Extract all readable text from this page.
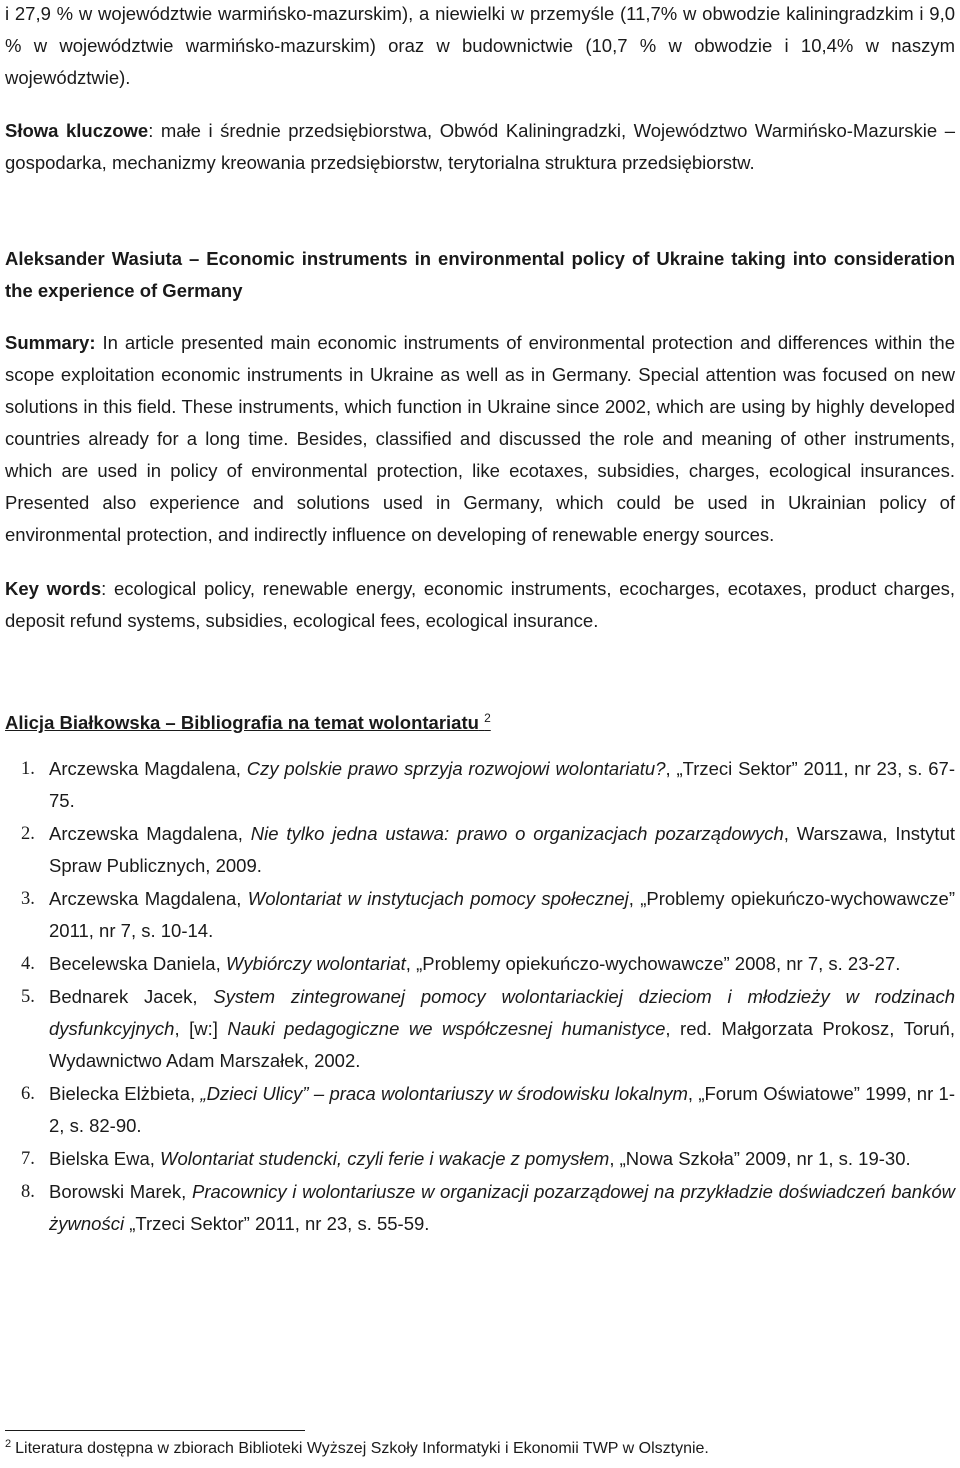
i 27,9 % w województwie warmińsko-mazurskim), a niewielki w przemyśle (11,7% w obwodzie kaliningradzkim i 9,0 % w województwie warmińsko-mazurskim) oraz w budownictwie (10,7 % w obwodzie i 10,4% w naszym województwie).

Słowa kluczowe: małe i średnie przedsiębiorstwa, Obwód Kaliningradzki, Województwo Warmińsko-Mazurskie – gospodarka, mechanizmy kreowania przedsiębiorstw, terytorialna struktura przedsiębiorstw.

Aleksander Wasiuta – Economic instruments in environmental policy of Ukraine taking into consideration the experience of Germany

Summary: In article presented main economic instruments of environmental protection and differences within the scope exploitation economic instruments in Ukraine as well as in Germany. Special attention was focused on new solutions in this field. These instruments, which function in Ukraine since 2002, which are using by highly developed countries already for a long time. Besides, classified and discussed the role and meaning of other instruments, which are used in policy of environmental protection, like ecotaxes, subsidies, charges, ecological insurances. Presented also experience and solutions used in Germany, which could be used in Ukrainian policy of environmental protection, and indirectly influence on developing of renewable energy sources.

Key words: ecological policy, renewable energy, economic instruments, ecocharges, ecotaxes, product charges, deposit refund systems, subsidies, ecological fees, ecological insurance.

Alicja Białkowska – Bibliografia na temat wolontariatu $^2$
1. Arczewska Magdalena, Czy polskie prawo sprzyja rozwojowi wolontariatu?, „Trzeci Sektor” 2011, nr 23, s. 67-75.
2. Arczewska Magdalena, Nie tylko jedna ustawa: prawo o organizacjach pozarządowych, Warszawa, Instytut Spraw Publicznych, 2009.
3. Arczewska Magdalena, Wolontariat w instytucjach pomocy społecznej, „Problemy opiekuńczo-wychowawcze” 2011, nr 7, s. 10-14.
4. Becelewska Daniela, Wybiórczy wolontariat, „Problemy opiekuńczo-wychowawcze” 2008, nr 7, s. 23-27.
5. Bednarek Jacek, System zintegrowanej pomocy wolontariackiej dzieciom i młodzieży w rodzinach dysfunkcyjnych, [w:] Nauki pedagogiczne we współczesnej humanistyce, red. Małgorzata Prokosz, Toruń, Wydawnictwo Adam Marszałek, 2002.
6. Bielecka Elżbieta, „Dzieci Ulicy” – praca wolontariuszy w środowisku lokalnym, „Forum Oświatowe” 1999, nr 1-2, s. 82-90.
7. Bielska Ewa, Wolontariat studencki, czyli ferie i wakacje z pomysłem, „Nowa Szkoła” 2009, nr 1, s. 19-30.
8. Borowski Marek, Pracownicy i wolontariusze w organizacji pozarządowej na przykładzie doświadczeń banków żywności „Trzeci Sektor” 2011, nr 23, s. 55-59.
$^2$ Literatura dostępna w zbiorach Biblioteki Wyższej Szkoły Informatyki i Ekonomii TWP w Olsztynie.
